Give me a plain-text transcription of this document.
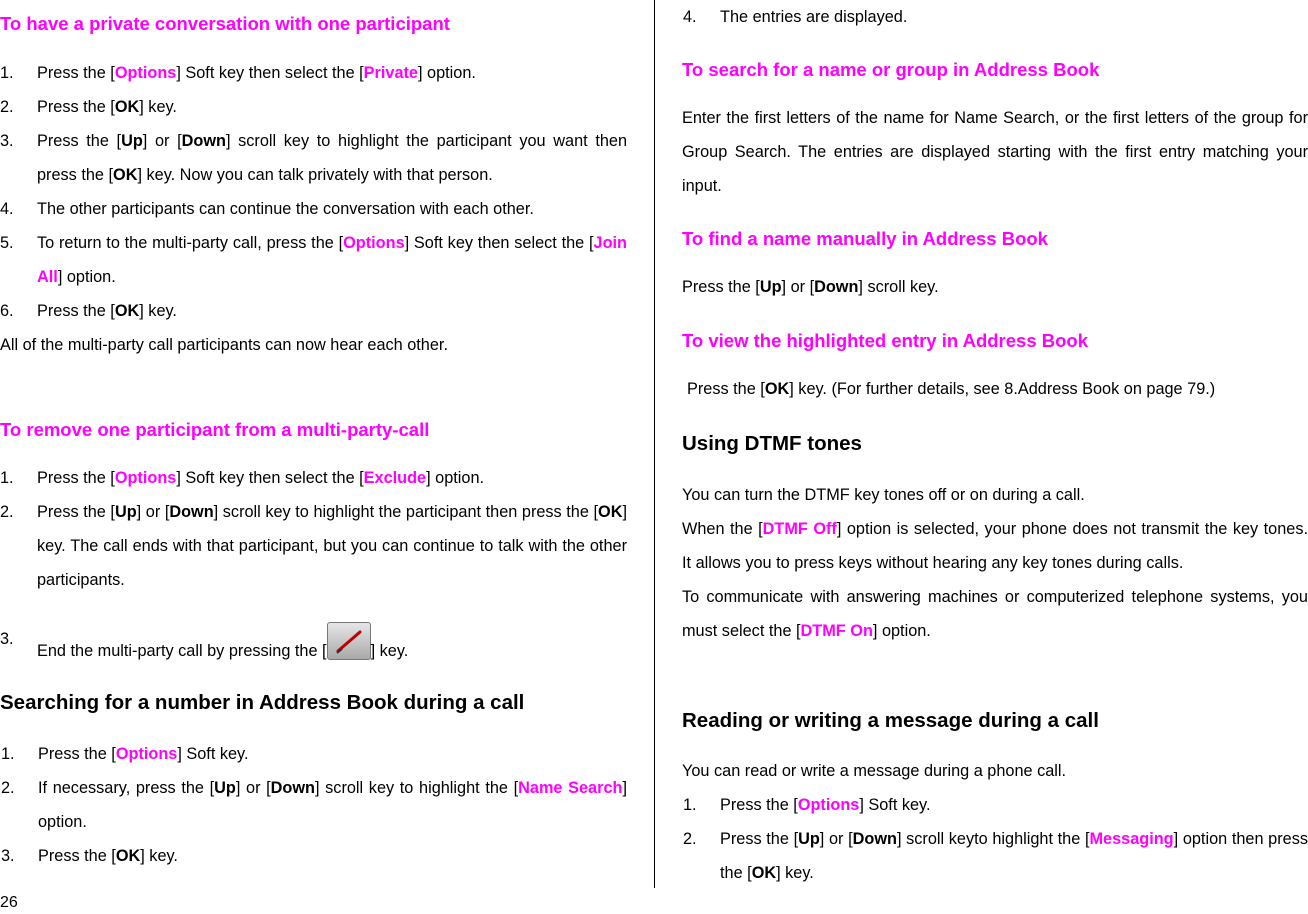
To have a private conversation with one participant
1. Press the [Options] Soft key then select the [Private] option.
2. Press the [OK] key.
3. Press the [Up] or [Down] scroll key to highlight the participant you want then press the [OK] key. Now you can talk privately with that person.
4. The other participants can continue the conversation with each other.
5. To return to the multi-party call, press the [Options] Soft key then select the [Join All] option.
6. Press the [OK] key.
All of the multi-party call participants can now hear each other.
To remove one participant from a multi-party-call
1. Press the [Options] Soft key then select the [Exclude] option.
2. Press the [Up] or [Down] scroll key to highlight the participant then press the [OK] key. The call ends with that participant, but you can continue to talk with the other participants.
3.
End the multi-party call by pressing the [	] key.
Searching for a number in Address Book during a call
1. Press the [Options] Soft key.
2. If necessary, press the [Up] or [Down] scroll key to highlight the [Name Search] option.
3. Press the [OK] key.
4. The entries are displayed.
To search for a name or group in Address Book
Enter the first letters of the name for Name Search, or the first letters of the group for Group Search. The entries are displayed starting with the first entry matching your input.
To find a name manually in Address Book
Press the [Up] or [Down] scroll key.
To view the highlighted entry in Address Book
Press the [OK] key. (For further details, see 8.Address Book on page 79.)
Using DTMF tones
You can turn the DTMF key tones off or on during a call.
When the [DTMF Off] option is selected, your phone does not transmit the key tones. It allows you to press keys without hearing any key tones during calls.
To communicate with answering machines or computerized telephone systems, you must select the [DTMF On] option.
Reading or writing a message during a call
You can read or write a message during a phone call.
1. Press the [Options] Soft key.
2. Press the [Up] or [Down] scroll keyto highlight the [Messaging] option then press the [OK] key.
26
